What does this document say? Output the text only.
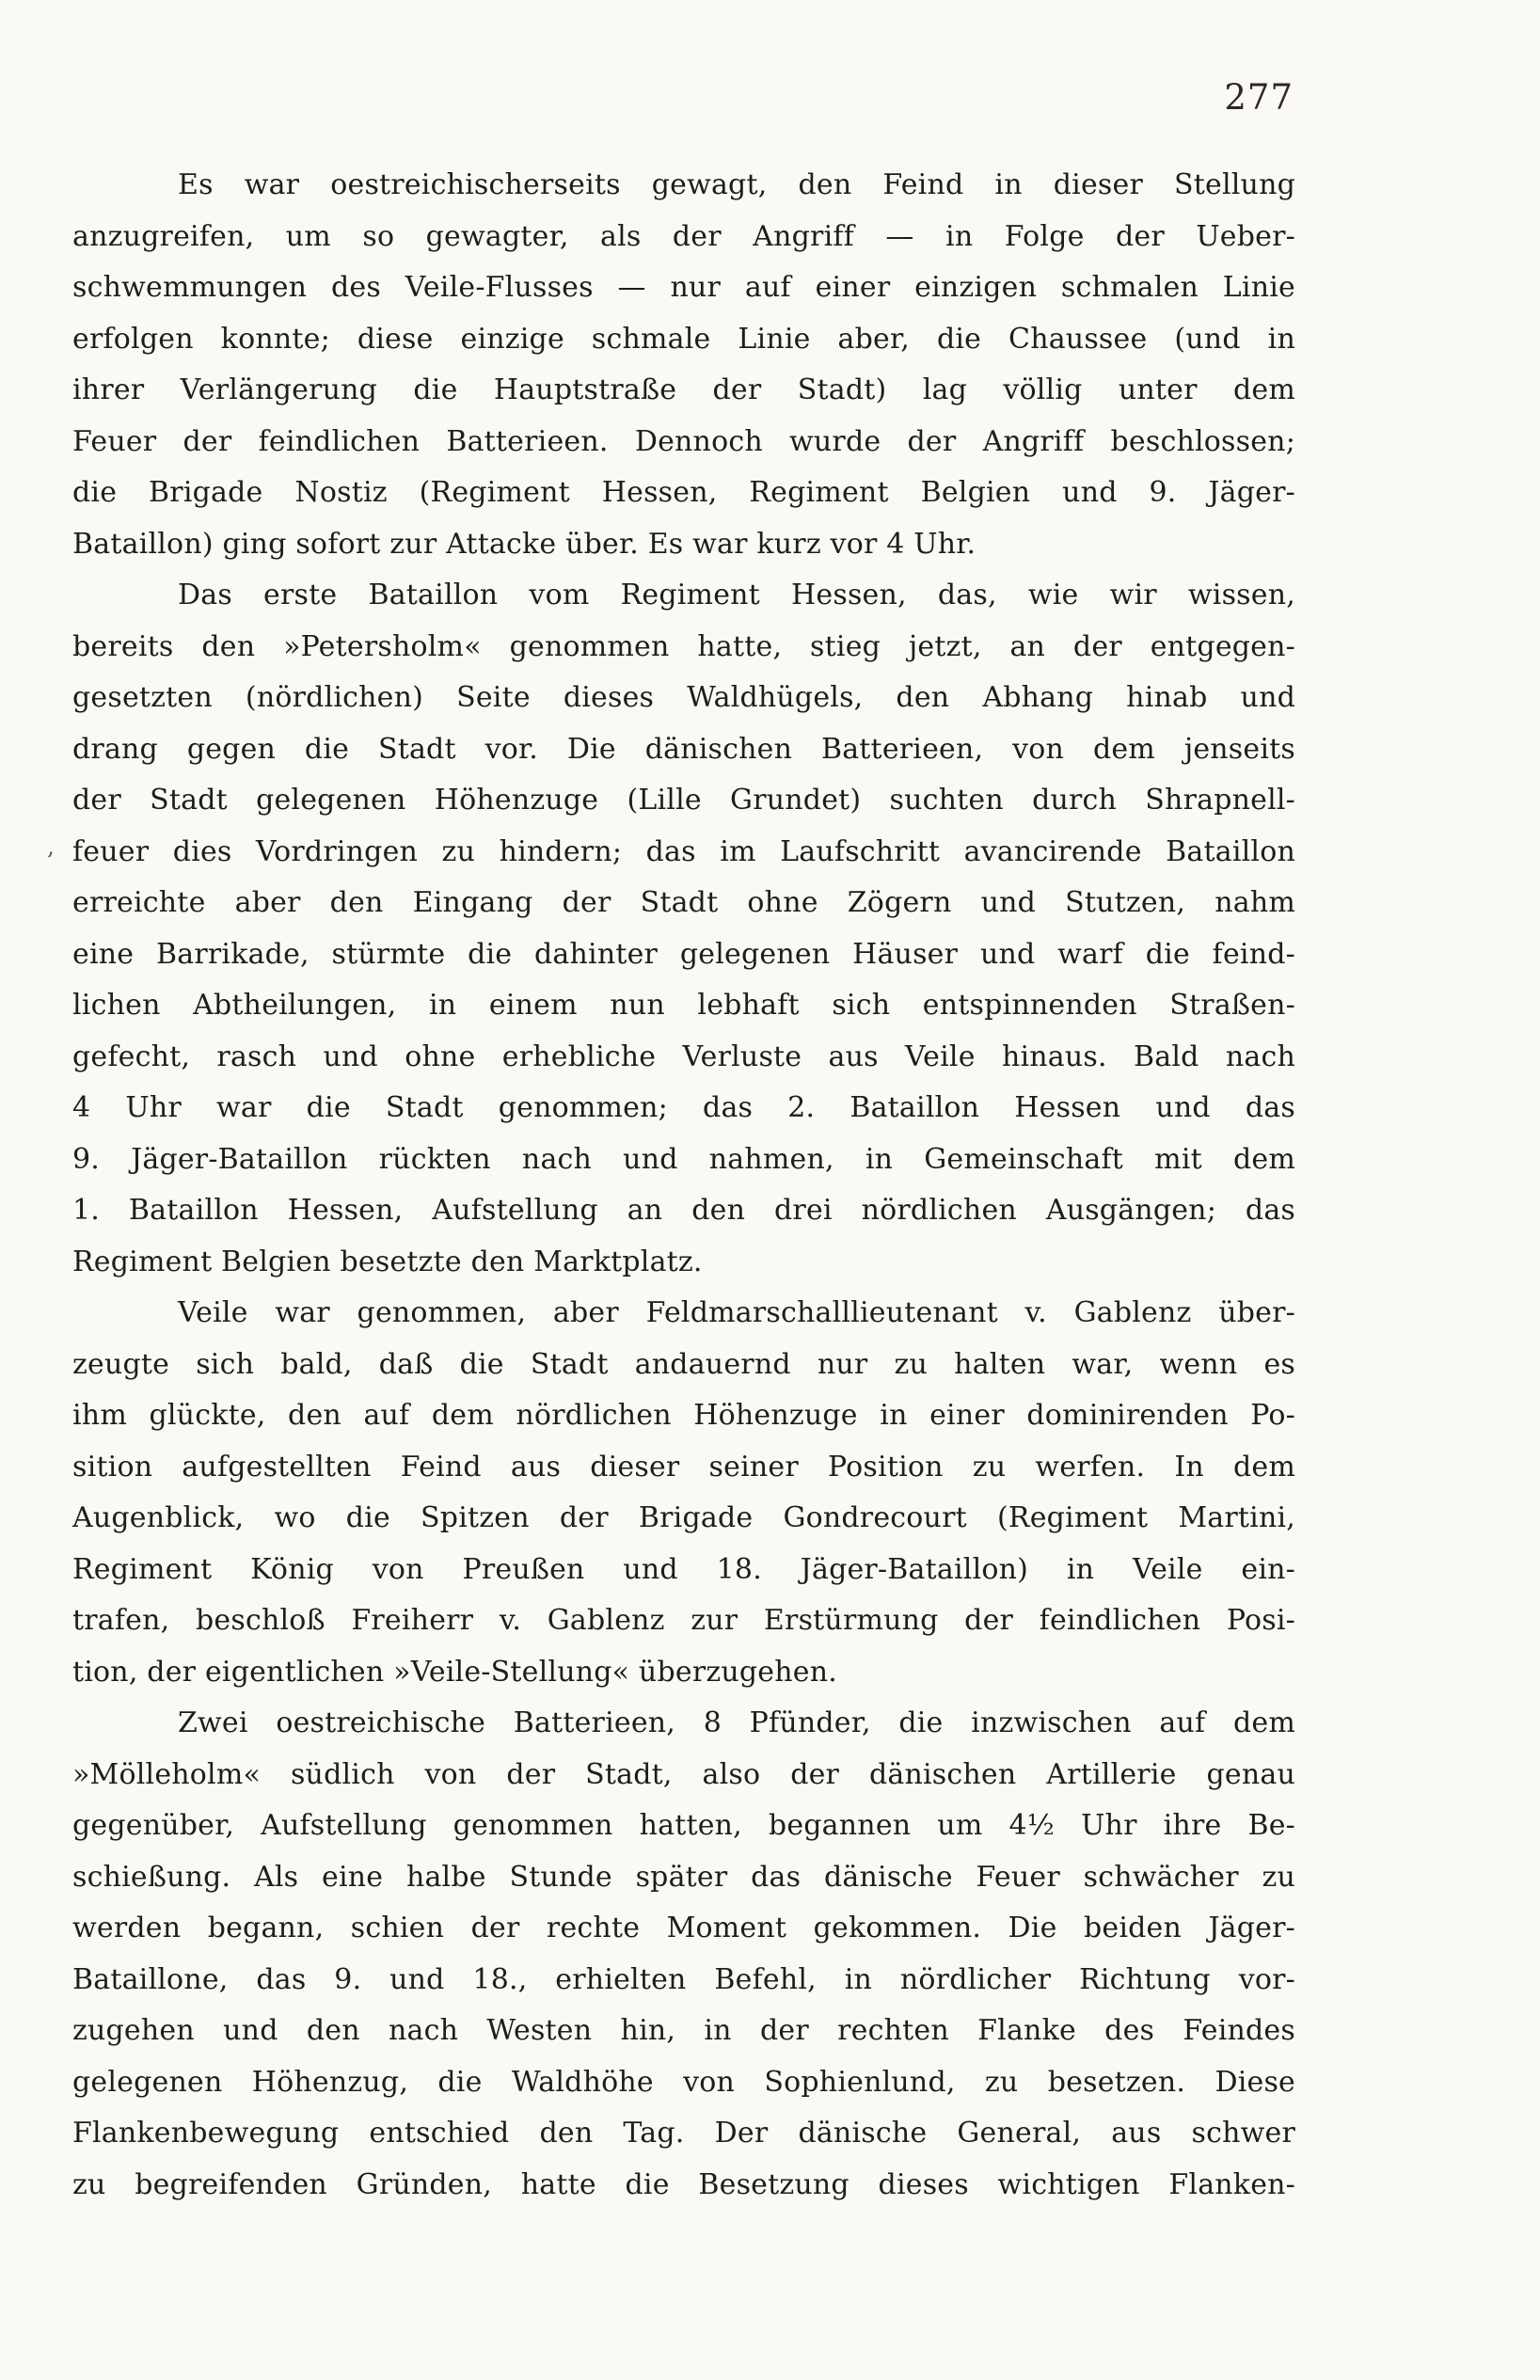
277
‚
Es war oestreichischerseits gewagt, den Feind in dieser Stellung
anzugreifen, um so gewagter, als der Angriff — in Folge der Ueber-
schwemmungen des Veile-Flusses — nur auf einer einzigen schmalen Linie
erfolgen konnte; diese einzige schmale Linie aber, die Chaussee (und in
ihrer Verlängerung die Hauptstraße der Stadt) lag völlig unter dem
Feuer der feindlichen Batterieen. Dennoch wurde der Angriff beschlossen;
die Brigade Nostiz (Regiment Hessen, Regiment Belgien und 9. Jäger-
Bataillon) ging sofort zur Attacke über. Es war kurz vor 4 Uhr.
Das erste Bataillon vom Regiment Hessen, das, wie wir wissen,
bereits den »Petersholm« genommen hatte, stieg jetzt, an der entgegen-
gesetzten (nördlichen) Seite dieses Waldhügels, den Abhang hinab und
drang gegen die Stadt vor. Die dänischen Batterieen, von dem jenseits
der Stadt gelegenen Höhenzuge (Lille Grundet) suchten durch Shrapnell-
feuer dies Vordringen zu hindern; das im Laufschritt avancirende Bataillon
erreichte aber den Eingang der Stadt ohne Zögern und Stutzen, nahm
eine Barrikade, stürmte die dahinter gelegenen Häuser und warf die feind-
lichen Abtheilungen, in einem nun lebhaft sich entspinnenden Straßen-
gefecht, rasch und ohne erhebliche Verluste aus Veile hinaus. Bald nach
4 Uhr war die Stadt genommen; das 2. Bataillon Hessen und das
9. Jäger-Bataillon rückten nach und nahmen, in Gemeinschaft mit dem
1. Bataillon Hessen, Aufstellung an den drei nördlichen Ausgängen; das
Regiment Belgien besetzte den Marktplatz.
Veile war genommen, aber Feldmarschalllieutenant v. Gablenz über-
zeugte sich bald, daß die Stadt andauernd nur zu halten war, wenn es
ihm glückte, den auf dem nördlichen Höhenzuge in einer dominirenden Po-
sition aufgestellten Feind aus dieser seiner Position zu werfen. In dem
Augenblick, wo die Spitzen der Brigade Gondrecourt (Regiment Martini,
Regiment König von Preußen und 18. Jäger-Bataillon) in Veile ein-
trafen, beschloß Freiherr v. Gablenz zur Erstürmung der feindlichen Posi-
tion, der eigentlichen »Veile-Stellung« überzugehen.
Zwei oestreichische Batterieen, 8 Pfünder, die inzwischen auf dem
»Mölleholm« südlich von der Stadt, also der dänischen Artillerie genau
gegenüber, Aufstellung genommen hatten, begannen um 4½ Uhr ihre Be-
schießung. Als eine halbe Stunde später das dänische Feuer schwächer zu
werden begann, schien der rechte Moment gekommen. Die beiden Jäger-
Bataillone, das 9. und 18., erhielten Befehl, in nördlicher Richtung vor-
zugehen und den nach Westen hin, in der rechten Flanke des Feindes
gelegenen Höhenzug, die Waldhöhe von Sophienlund, zu besetzen. Diese
Flankenbewegung entschied den Tag. Der dänische General, aus schwer
zu begreifenden Gründen, hatte die Besetzung dieses wichtigen Flanken-
